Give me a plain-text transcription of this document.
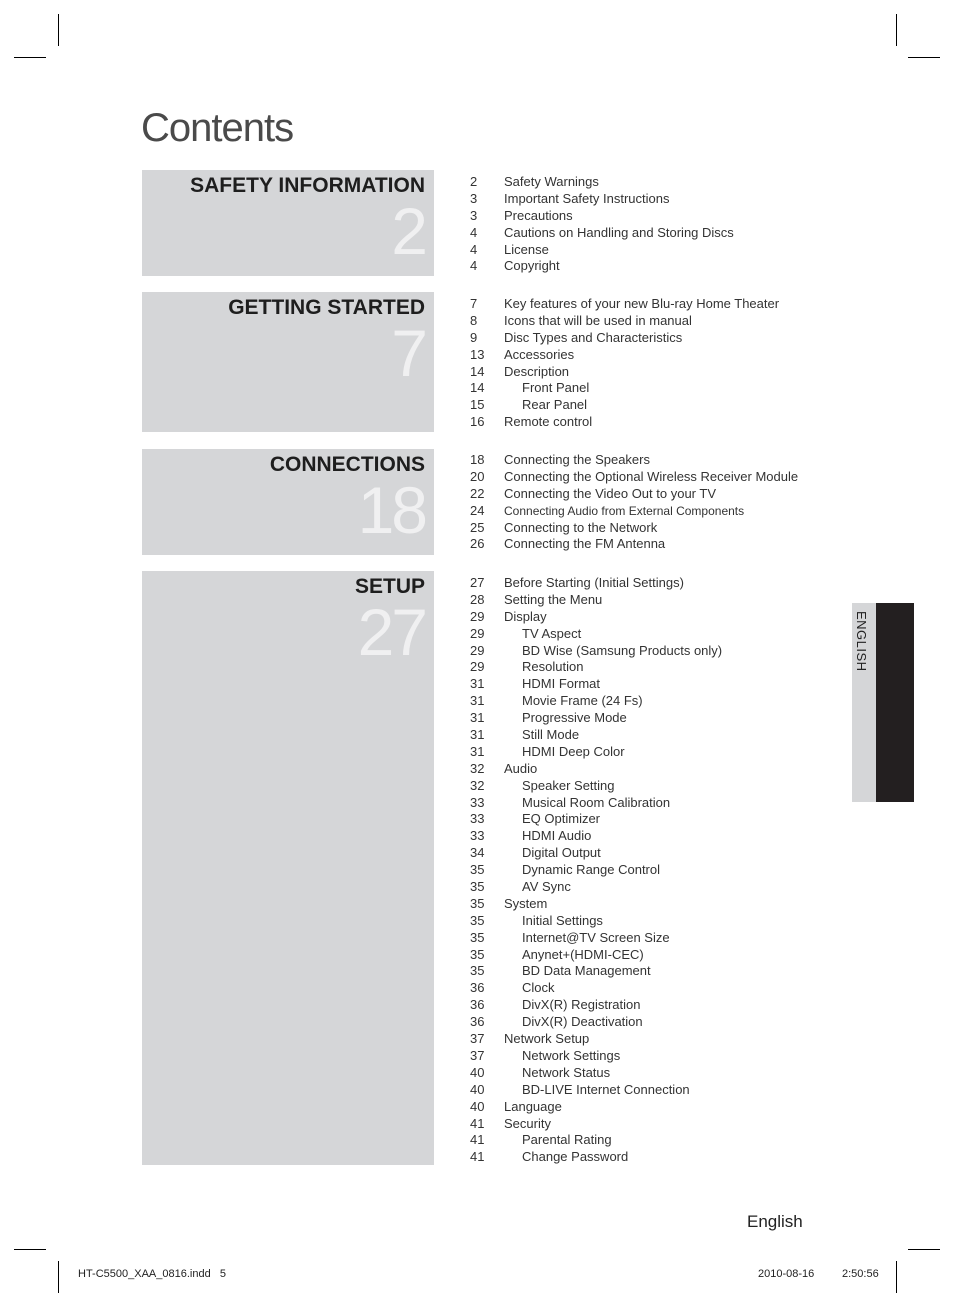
Contents
SAFETY INFORMATION
2
GETTING STARTED
7
CONNECTIONS
18
SETUP
27
2 Safety Warnings
3 Important Safety Instructions
3 Precautions
4 Cautions on Handling and Storing Discs
4 License
4 Copyright
7 Key features of your new Blu-ray Home Theater
8 Icons that will be used in manual
9 Disc Types and Characteristics
13 Accessories
14 Description
14	Front Panel
15	Rear Panel
16 Remote control
18 Connecting the Speakers
20 Connecting the Optional Wireless Receiver Module
22 Connecting the Video Out to your TV
24 Connecting Audio from External Components
25 Connecting to the Network
26 Connecting the FM Antenna
27 Before Starting (Initial Settings)
28 Setting the Menu
29 Display
29	TV Aspect
29	BD Wise (Samsung Products only)
29	Resolution
31	HDMI Format
31	Movie Frame (24 Fs)
31	Progressive Mode
31	Still Mode
31	HDMI Deep Color
32 Audio
32	Speaker Setting
33	Musical Room Calibration
33	EQ Optimizer
33	HDMI Audio
34	Digital Output
35	Dynamic Range Control
35	AV Sync
35 System
35	Initial Settings
35	Internet@TV Screen Size
35	Anynet+(HDMI-CEC)
35	BD Data Management
36	Clock
36	DivX(R) Registration
36	DivX(R) Deactivation
37 Network Setup
37	Network Settings
40	Network Status
40	BD-LIVE Internet Connection
40 Language
41 Security
41	Parental Rating
41	Change Password
ENGLISH
English
HT-C5500_XAA_0816.indd   5	2010-08-16	2:50:56
